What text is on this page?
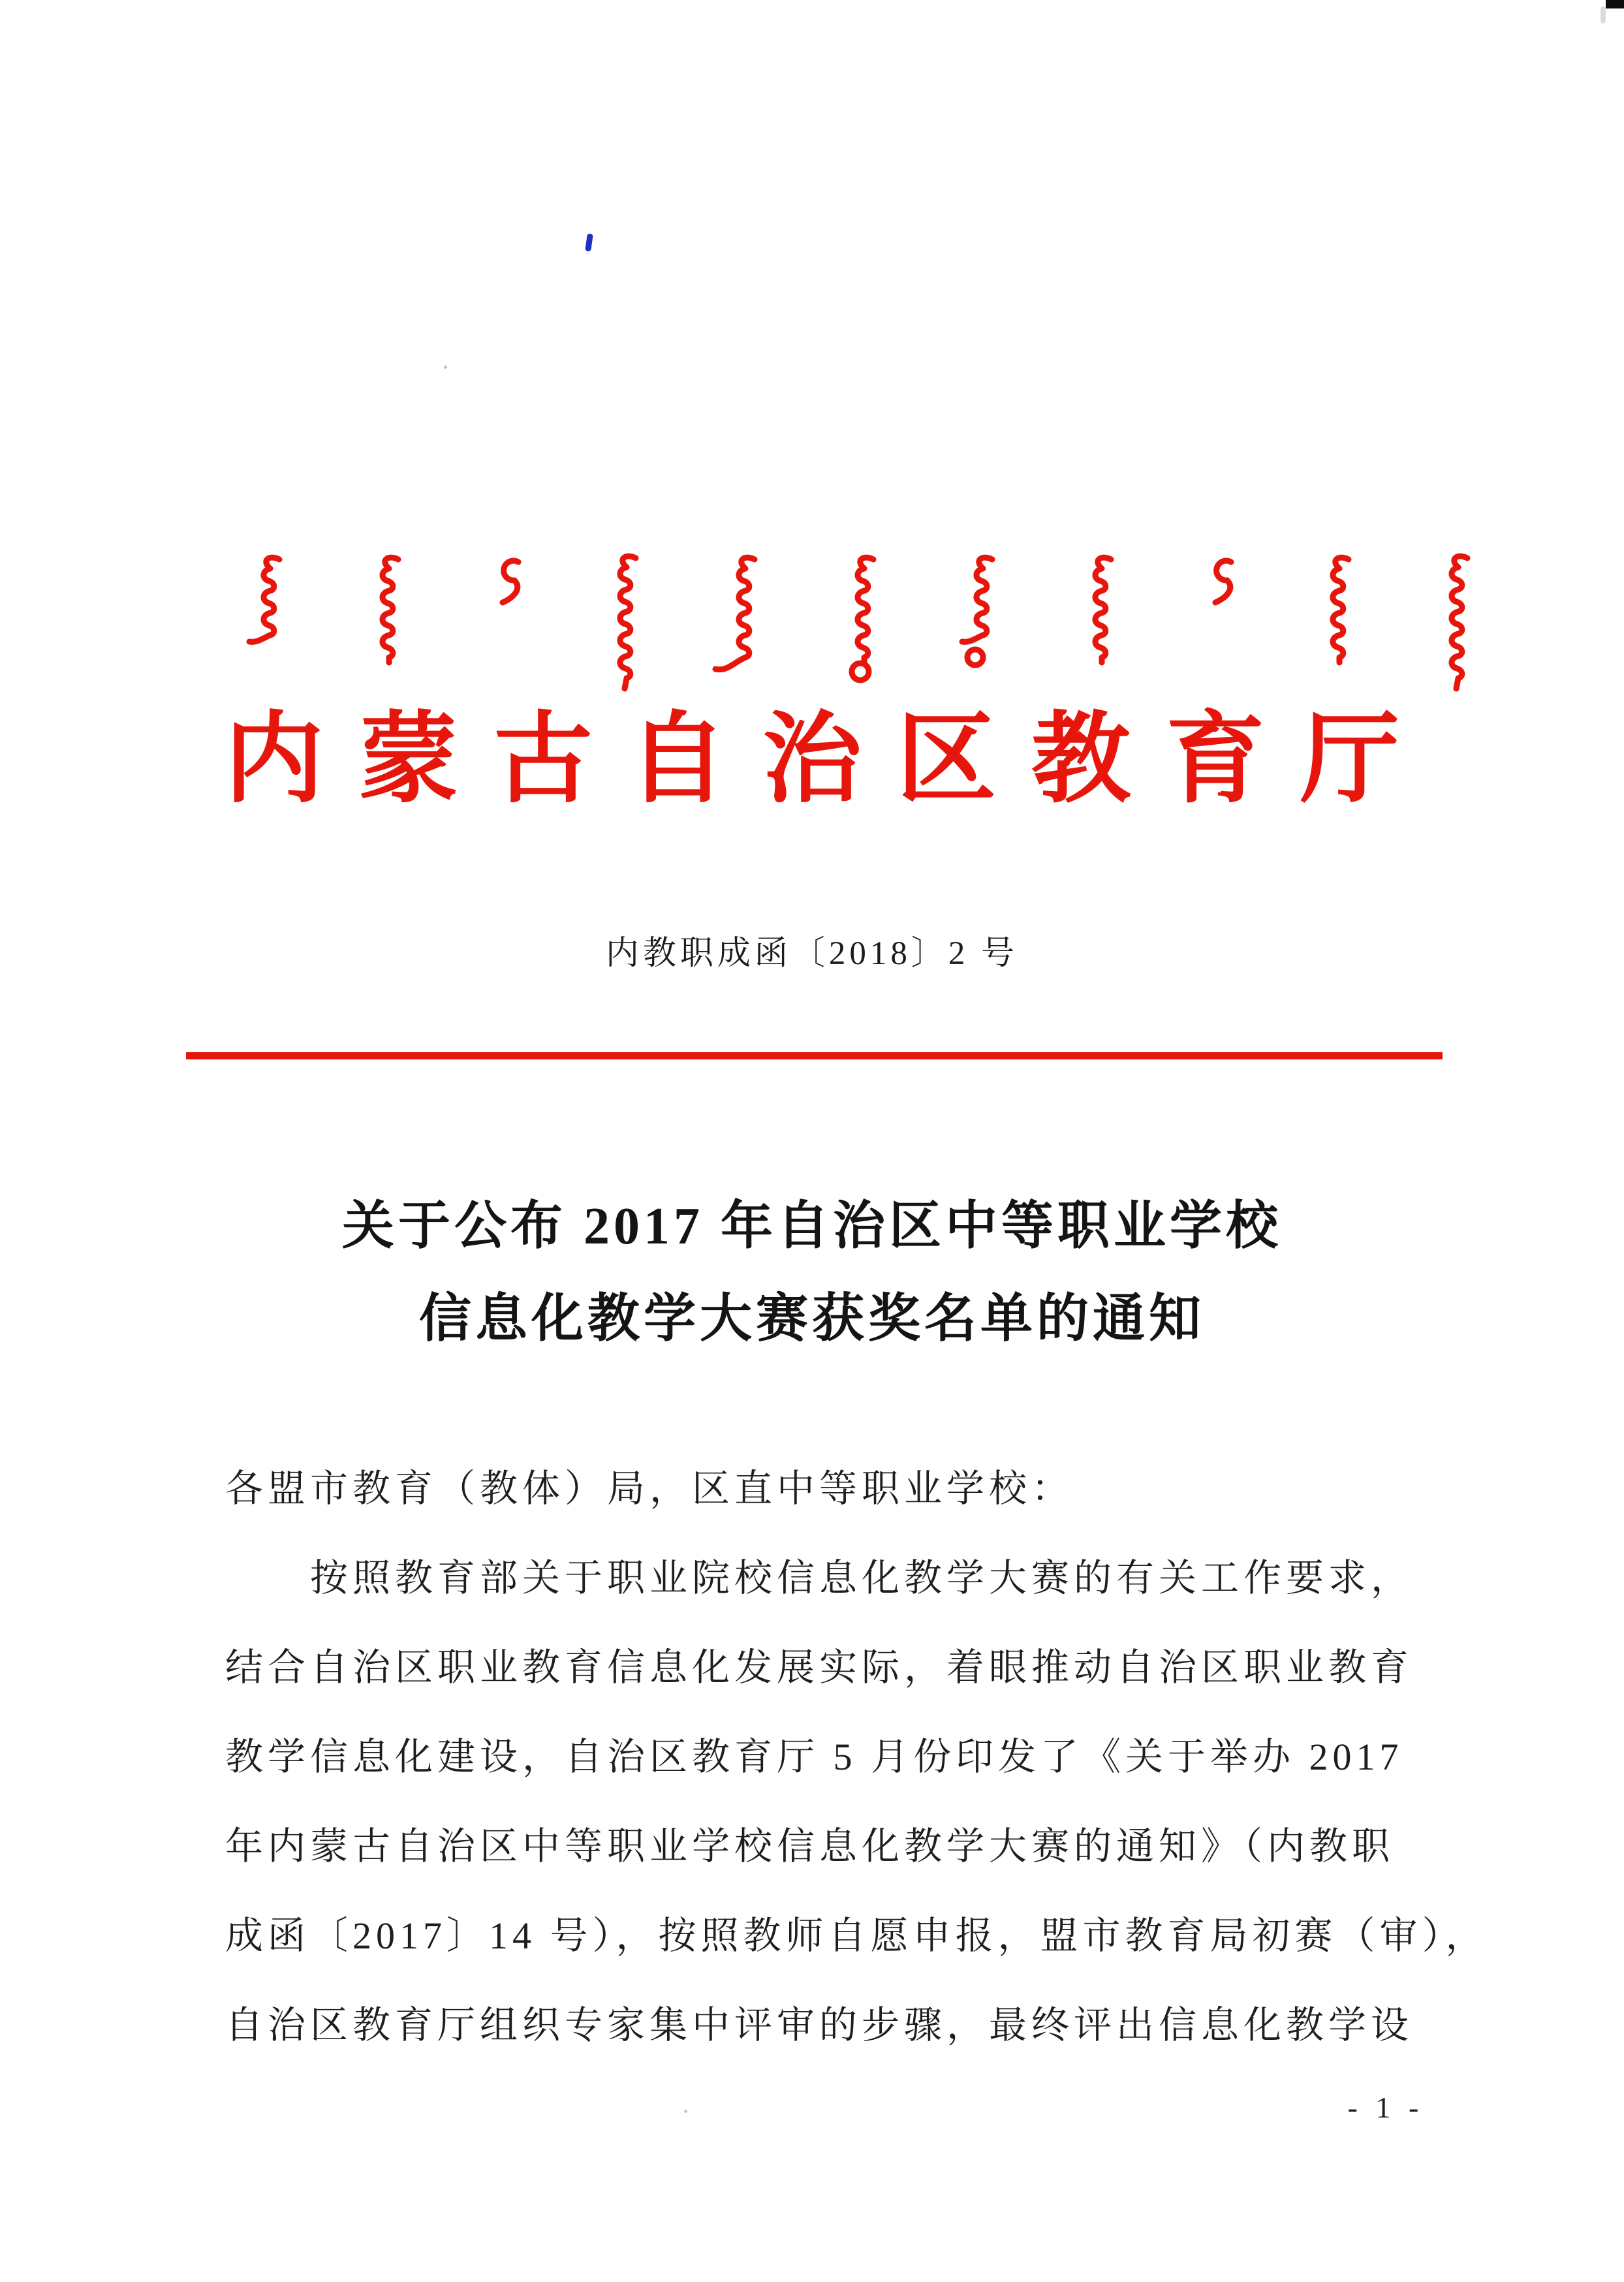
内蒙古自治区教育厅
内教职成函〔2018〕2 号
关于公布 2017 年自治区中等职业学校
信息化教学大赛获奖名单的通知
各盟市教育（教体）局，区直中等职业学校：
按照教育部关于职业院校信息化教学大赛的有关工作要求，
结合自治区职业教育信息化发展实际，着眼推动自治区职业教育
教学信息化建设，自治区教育厅 5 月份印发了《关于举办 2017
年内蒙古自治区中等职业学校信息化教学大赛的通知》（内教职
成函〔2017〕14 号），按照教师自愿申报，盟市教育局初赛（审），
自治区教育厅组织专家集中评审的步骤，最终评出信息化教学设
- 1 -
